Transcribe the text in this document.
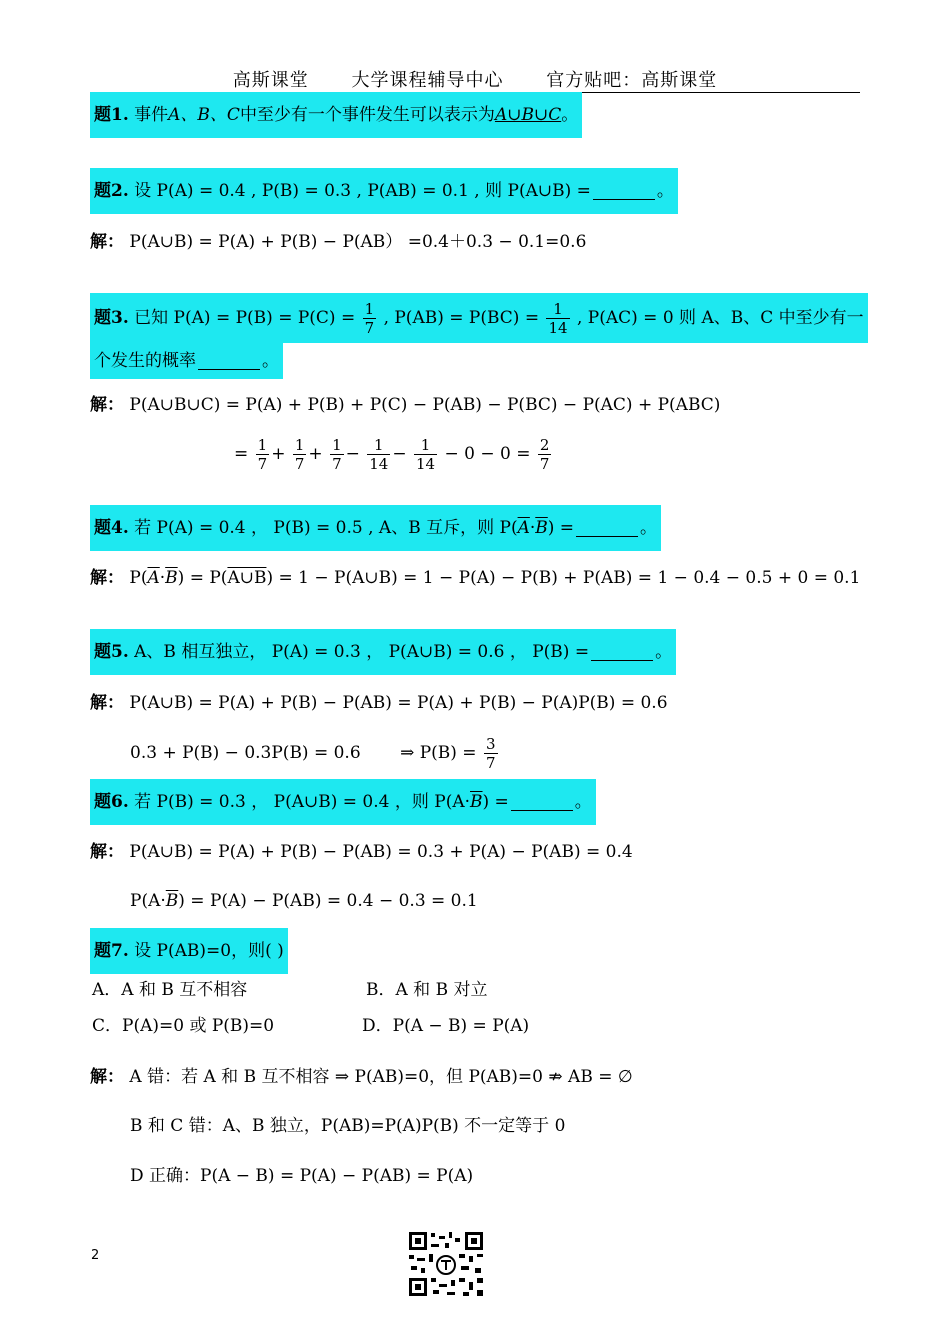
高斯课堂 大学课程辅导中心 官方贴吧：高斯课堂
题1. 事件A、B、C中至少有一个事件发生可以表示为A∪B∪C。
题2. 设 P(A) = 0.4 , P(B) = 0.3 , P(AB) = 0.1 , 则 P(A∪B) =	。
解： P(A∪B) = P(A) + P(B) − P(AB） =0.4＋0.3 − 0.1=0.6
题3. 已知 $P(A) = P(B) = P(C) = \frac{1}{7}$ , $P(AB) = P(BC) = \frac{1}{14}$ , P(AC) = 0 则 A、B、C 中至少有一
个发生的概率	。
解： P(A∪B∪C) = P(A) + P(B) + P(C) − P(AB) − P(BC) − P(AC) + P(ABC)
= $\frac{1}{7} + \frac{1}{7} + \frac{1}{7} - \frac{1}{14} - \frac{1}{14} - 0 - 0 = \frac{2}{7}$
题4. 若 P(A) = 0.4 ， P(B) = 0.5 , A、B 互斥，则 $P(\overline{A}\cdot\overline{B})$ =	。
解： $P(\overline{A}\cdot\overline{B})$ = P(A∪B) = 1 − P(A∪B) = 1 − P(A) − P(B) + P(AB) = 1 − 0.4 − 0.5 + 0 = 0.1
题5. A、B 相互独立， P(A) = 0.3 ， P(A∪B) = 0.6 ， P(B) =	。
解： P(A∪B) = P(A) + P(B) − P(AB) = P(A) + P(B) − P(A)P(B) = 0.6
0.3 + P(B) − 0.3P(B) = 0.6 ⇒ $P(B) = \frac{3}{7}$
题6. 若 P(B) = 0.3 ， P(A∪B) = 0.4 ，则 $P(A\cdot\overline{B})$ =	。
解： P(A∪B) = P(A) + P(B) − P(AB) = 0.3 + P(A) − P(AB) = 0.4
$P(A\cdot\overline{B}) = P(A) - P(AB) = 0.4 - 0.3 = 0.1$
题7. 设 P(AB)=0，则( )
A．A 和 B 互不相容	B．A 和 B 对立
C．P(A)=0 或 P(B)=0	D．P(A − B) = P(A)
解： A 错：若 A 和 B 互不相容 ⇒ P(AB)=0，但 P(AB)=0 ⇏ AB = ∅
B 和 C 错：A、B 独立，P(AB)=P(A)P(B) 不一定等于 0
D 正确：P(A − B) = P(A) − P(AB) = P(A)
2
